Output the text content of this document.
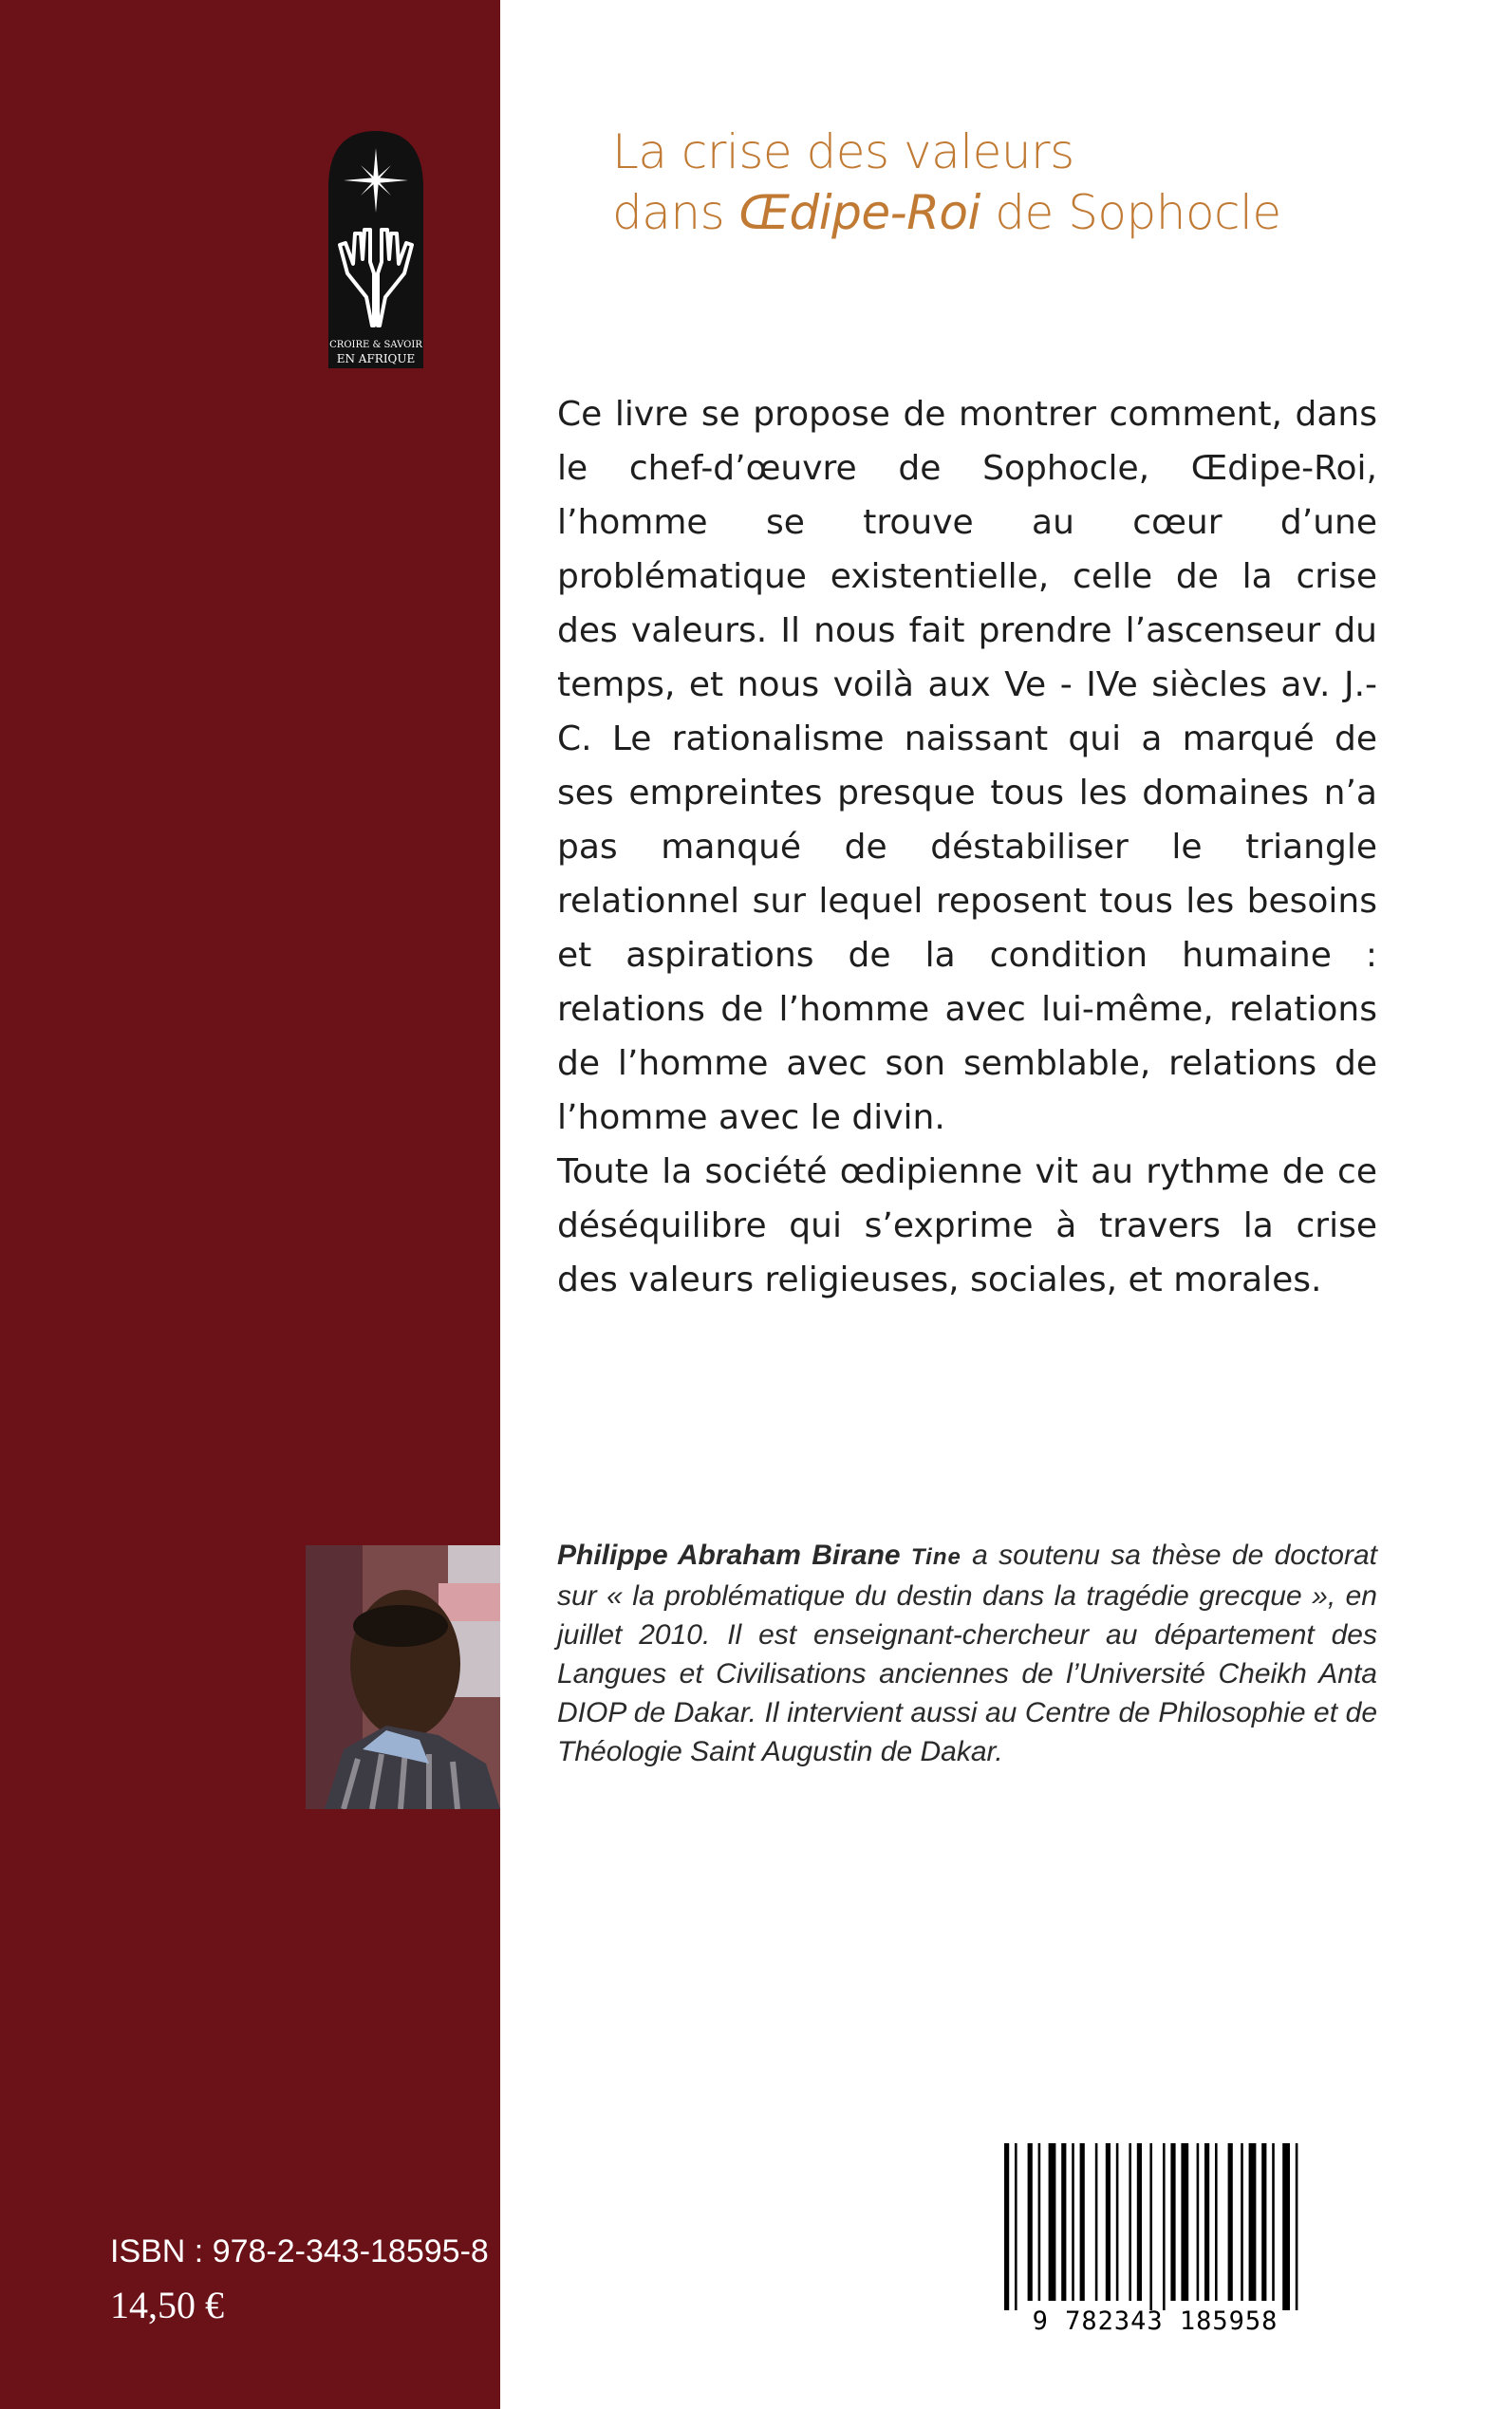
CROIRE & SAVOIR
EN AFRIQUE
ISBN : 978-2-343-18595-8
14,50 €
La crise des valeurs
dans Œdipe-Roi de Sophocle

Ce livre se propose de montrer comment, dans le chef-d’œuvre de Sophocle, Œdipe-Roi, l’homme se trouve au cœur d’une problématique existentielle, celle de la crise des valeurs. Il nous fait prendre l’ascenseur du temps, et nous voilà aux Ve - IVe siècles av. J.-C. Le rationalisme naissant qui a marqué de ses empreintes presque tous les domaines n’a pas manqué de déstabiliser le triangle relationnel sur lequel reposent tous les besoins et aspirations de la condition humaine : relations de l’homme avec lui-même, relations de l’homme avec son semblable, relations de l’homme avec le divin.

Toute la société œdipienne vit au rythme de ce déséquilibre qui s’exprime à travers la crise des valeurs religieuses, sociales, et morales.

Philippe Abraham Birane Tine a soutenu sa thèse de doctorat sur « la problématique du destin dans la tragédie grecque », en juillet 2010. Il est enseignant-chercheur au département des Langues et Civilisations anciennes de l’Université Cheikh Anta DIOP de Dakar. Il intervient aussi au Centre de Philosophie et de Théologie Saint Augustin de Dakar.
9 782343 185958
